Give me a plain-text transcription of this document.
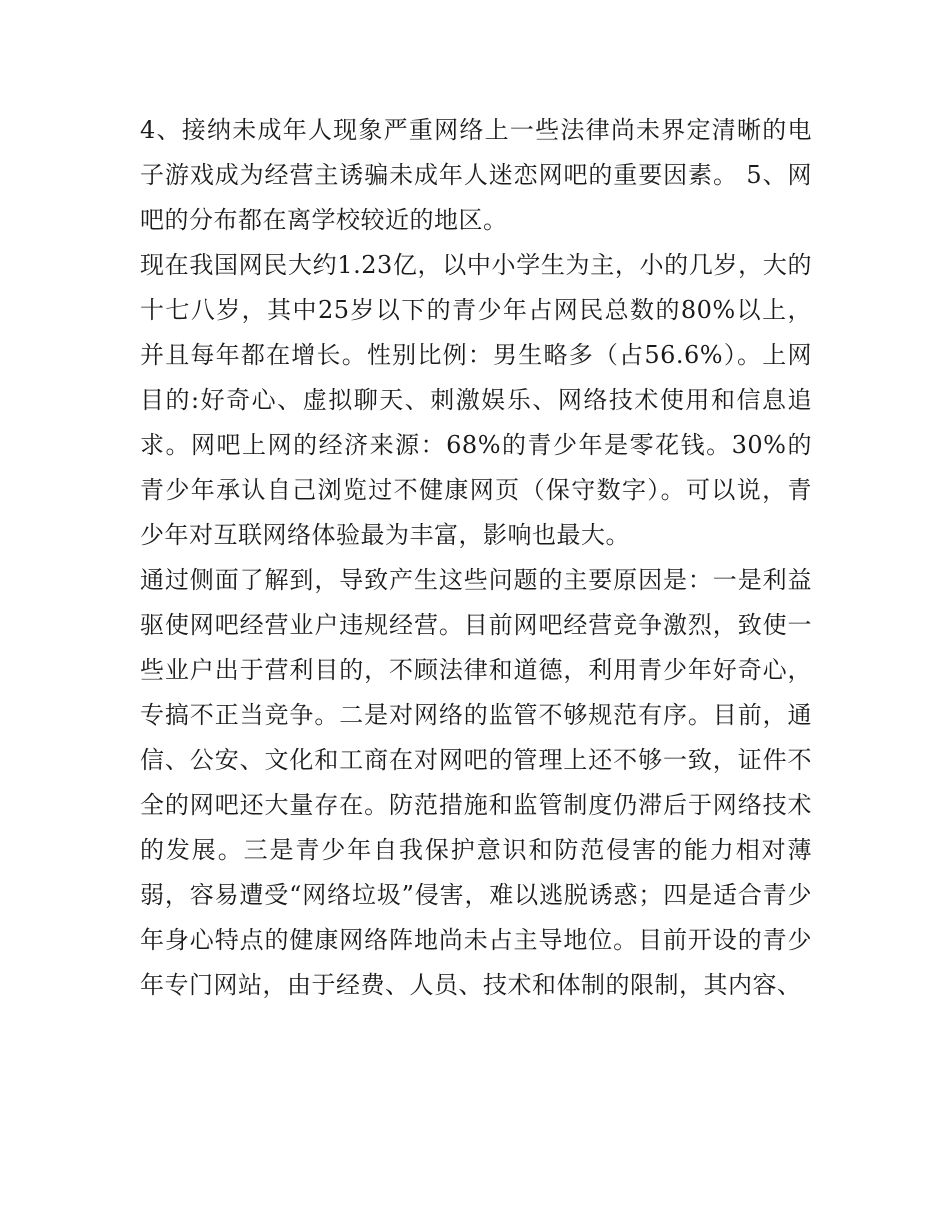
4、接纳未成年人现象严重网络上一些法律尚未界定清晰的电子游戏成为经营主诱骗未成年人迷恋网吧的重要因素。 5、网吧的分布都在离学校较近的地区。

现在我国网民大约1.23亿，以中小学生为主，小的几岁，大的十七八岁，其中25岁以下的青少年占网民总数的80%以上，并且每年都在增长。性别比例：男生略多（占56.6%）。上网目的:好奇心、虚拟聊天、刺激娱乐、网络技术使用和信息追求。网吧上网的经济来源：68%的青少年是零花钱。30%的青少年承认自己浏览过不健康网页（保守数字）。可以说，青少年对互联网络体验最为丰富，影响也最大。

通过侧面了解到，导致产生这些问题的主要原因是：一是利益驱使网吧经营业户违规经营。目前网吧经营竞争激烈，致使一些业户出于营利目的，不顾法律和道德，利用青少年好奇心，专搞不正当竞争。二是对网络的监管不够规范有序。目前，通信、公安、文化和工商在对网吧的管理上还不够一致，证件不全的网吧还大量存在。防范措施和监管制度仍滞后于网络技术的发展。三是青少年自我保护意识和防范侵害的能力相对薄弱，容易遭受“网络垃圾”侵害，难以逃脱诱惑；四是适合青少年身心特点的健康网络阵地尚未占主导地位。目前开设的青少年专门网站，由于经费、人员、技术和体制的限制，其内容、
